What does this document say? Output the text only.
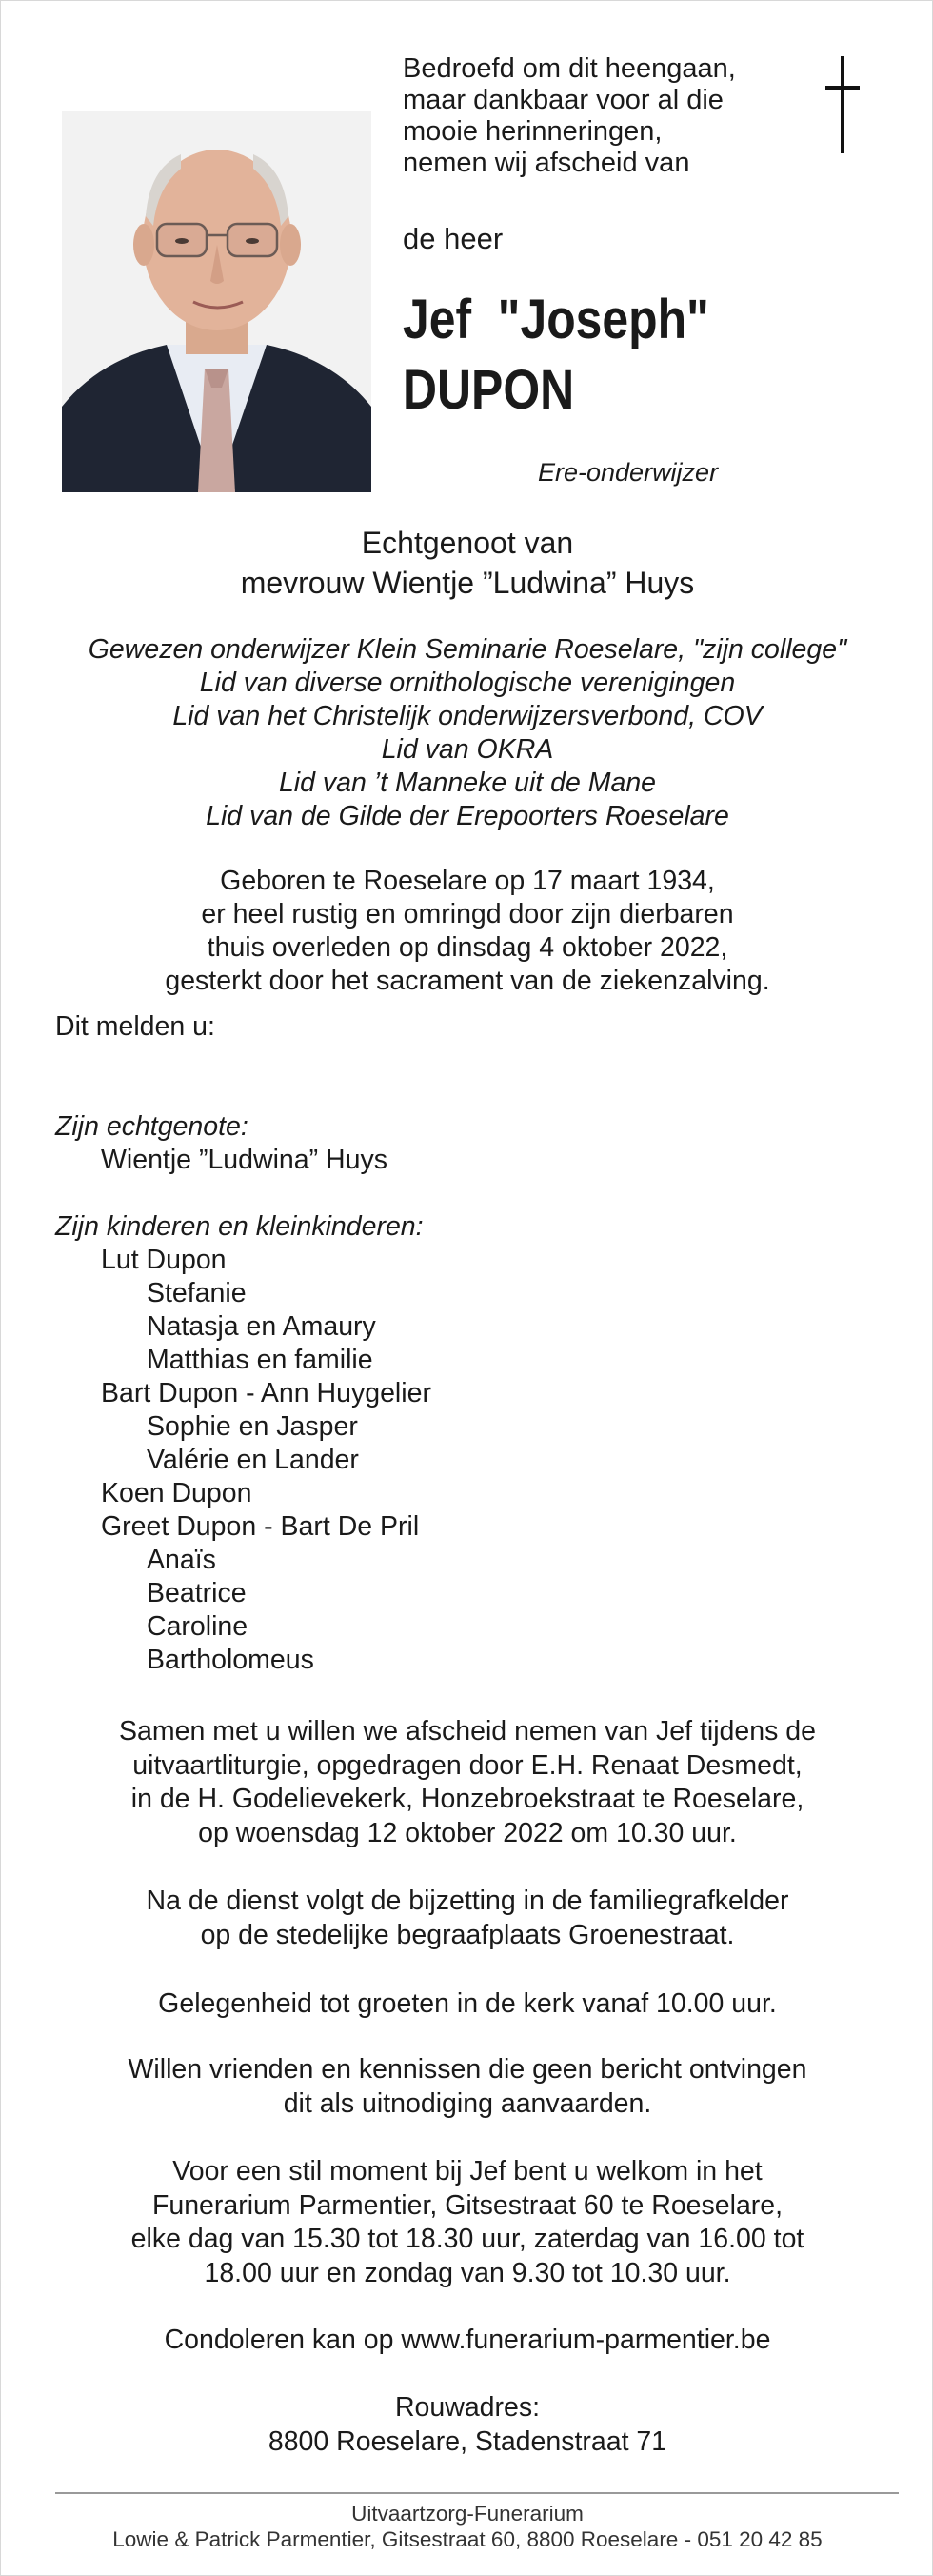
Bedroefd om dit heengaan,
maar dankbaar voor al die
mooie herinneringen,
nemen wij afscheid van
de heer
Jef  "Joseph"
DUPON
Ere-onderwijzer
Echtgenoot van
mevrouw Wientje ”Ludwina” Huys
Gewezen onderwijzer Klein Seminarie Roeselare, "zijn college"
Lid van diverse ornithologische verenigingen
Lid van het Christelijk onderwijzersverbond, COV
Lid van OKRA
Lid van ’t Manneke uit de Mane
Lid van de Gilde der Erepoorters Roeselare
Geboren te Roeselare op 17 maart 1934,
er heel rustig en omringd door zijn dierbaren
thuis overleden op dinsdag 4 oktober 2022,
gesterkt door het sacrament van de ziekenzalving.
Dit melden u:
Zijn echtgenote:
Wientje ”Ludwina” Huys
Zijn kinderen en kleinkinderen:
Lut Dupon
Stefanie
Natasja en Amaury
Matthias en familie
Bart Dupon - Ann Huygelier
Sophie en Jasper
Valérie en Lander
Koen Dupon
Greet Dupon - Bart De Pril
Anaïs
Beatrice
Caroline
Bartholomeus
Samen met u willen we afscheid nemen van Jef tijdens de
uitvaartliturgie, opgedragen door E.H. Renaat Desmedt,
in de H. Godelievekerk, Honzebroekstraat te Roeselare,
op woensdag 12 oktober 2022 om 10.30 uur.
Na de dienst volgt de bijzetting in de familiegrafkelder
op de stedelijke begraafplaats Groenestraat.
Gelegenheid tot groeten in de kerk vanaf 10.00 uur.
Willen vrienden en kennissen die geen bericht ontvingen
dit als uitnodiging aanvaarden.
Voor een stil moment bij Jef bent u welkom in het
Funerarium Parmentier, Gitsestraat 60 te Roeselare,
elke dag van 15.30 tot 18.30 uur, zaterdag van 16.00 tot
18.00 uur en zondag van 9.30 tot 10.30 uur.
Condoleren kan op www.funerarium-parmentier.be
Rouwadres:
8800 Roeselare, Stadenstraat 71
Uitvaartzorg-Funerarium
Lowie & Patrick Parmentier, Gitsestraat 60, 8800 Roeselare - 051 20 42 85
